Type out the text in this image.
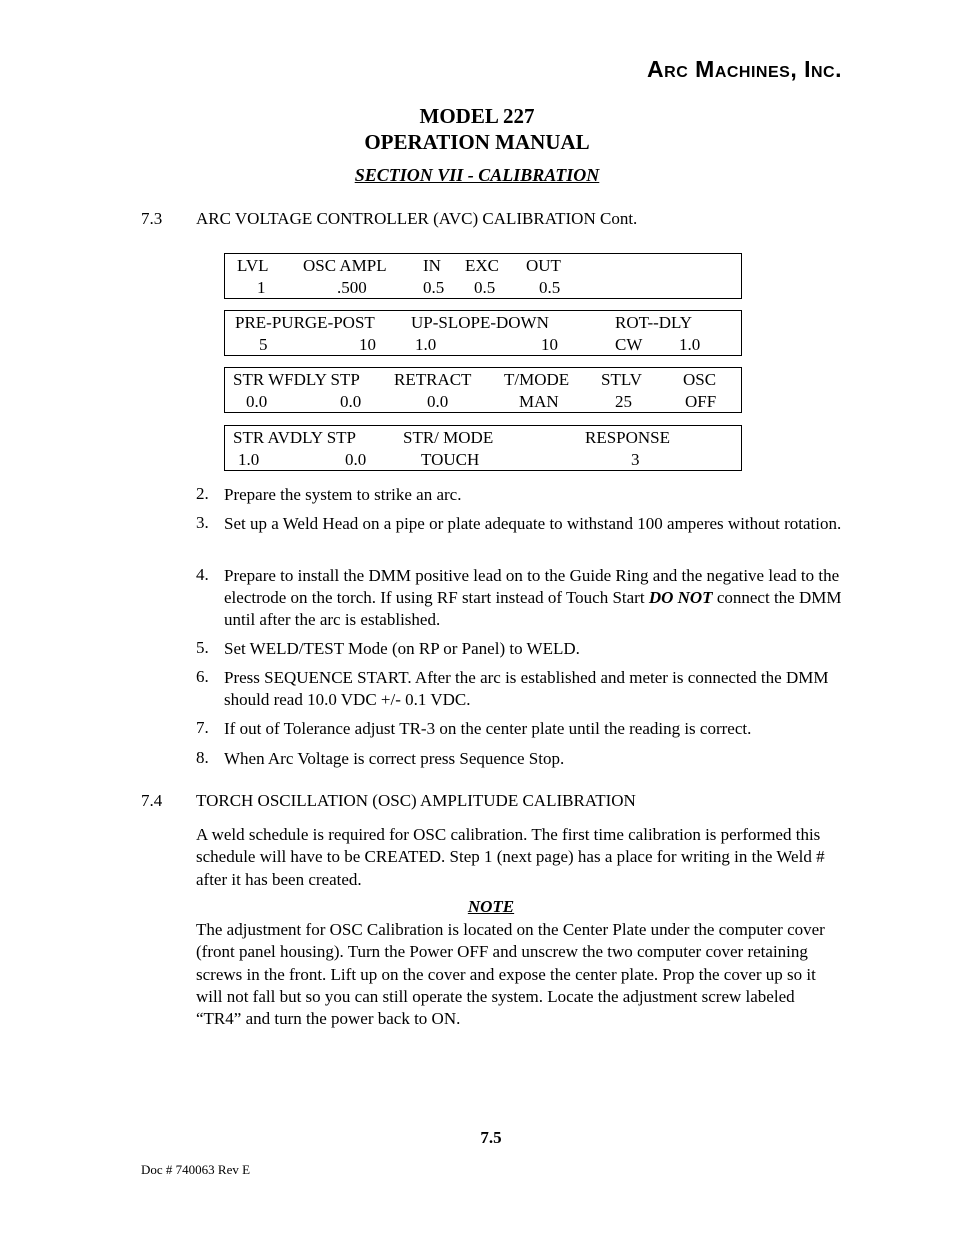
Arc Machines, Inc.
MODEL 227
OPERATION MANUAL
SECTION VII - CALIBRATION
7.3 ARC VOLTAGE CONTROLLER (AVC) CALIBRATION Cont.
LVL OSC AMPL IN EXC OUT
1	.500	0.5 0.5	0.5
PRE-PURGE-POST UP-SLOPE-DOWN	ROT--DLY
5	10 1.0	10	CW 1.0
STR WFDLY STP RETRACT T/MODE STLV OSC
0.0	0.0	0.0	MAN	25	OFF
STR AVDLY STP	STR/ MODE	RESPONSE
1.0	0.0	TOUCH	3
2. Prepare the system to strike an arc.
3. Set up a Weld Head on a pipe or plate adequate to withstand 100 amperes without rotation.
4. Prepare to install the DMM positive lead on to the Guide Ring and the negative lead to the electrode on the torch. If using RF start instead of Touch Start DO NOT connect the DMM until after the arc is established.
5. Set WELD/TEST Mode (on RP or Panel) to WELD.
6. Press SEQUENCE START. After the arc is established and meter is connected the DMM should read 10.0 VDC +/- 0.1 VDC.
7. If out of Tolerance adjust TR-3 on the center plate until the reading is correct.
8. When Arc Voltage is correct press Sequence Stop.
7.4 TORCH OSCILLATION (OSC) AMPLITUDE CALIBRATION
A weld schedule is required for OSC calibration. The first time calibration is performed this schedule will have to be CREATED. Step 1 (next page) has a place for writing in the Weld # after it has been created.
NOTE
The adjustment for OSC Calibration is located on the Center Plate under the computer cover (front panel housing). Turn the Power OFF and unscrew the two computer cover retaining screws in the front. Lift up on the cover and expose the center plate. Prop the cover up so it will not fall but so you can still operate the system. Locate the adjustment screw labeled “TR4” and turn the power back to ON.
7.5
Doc # 740063 Rev E
